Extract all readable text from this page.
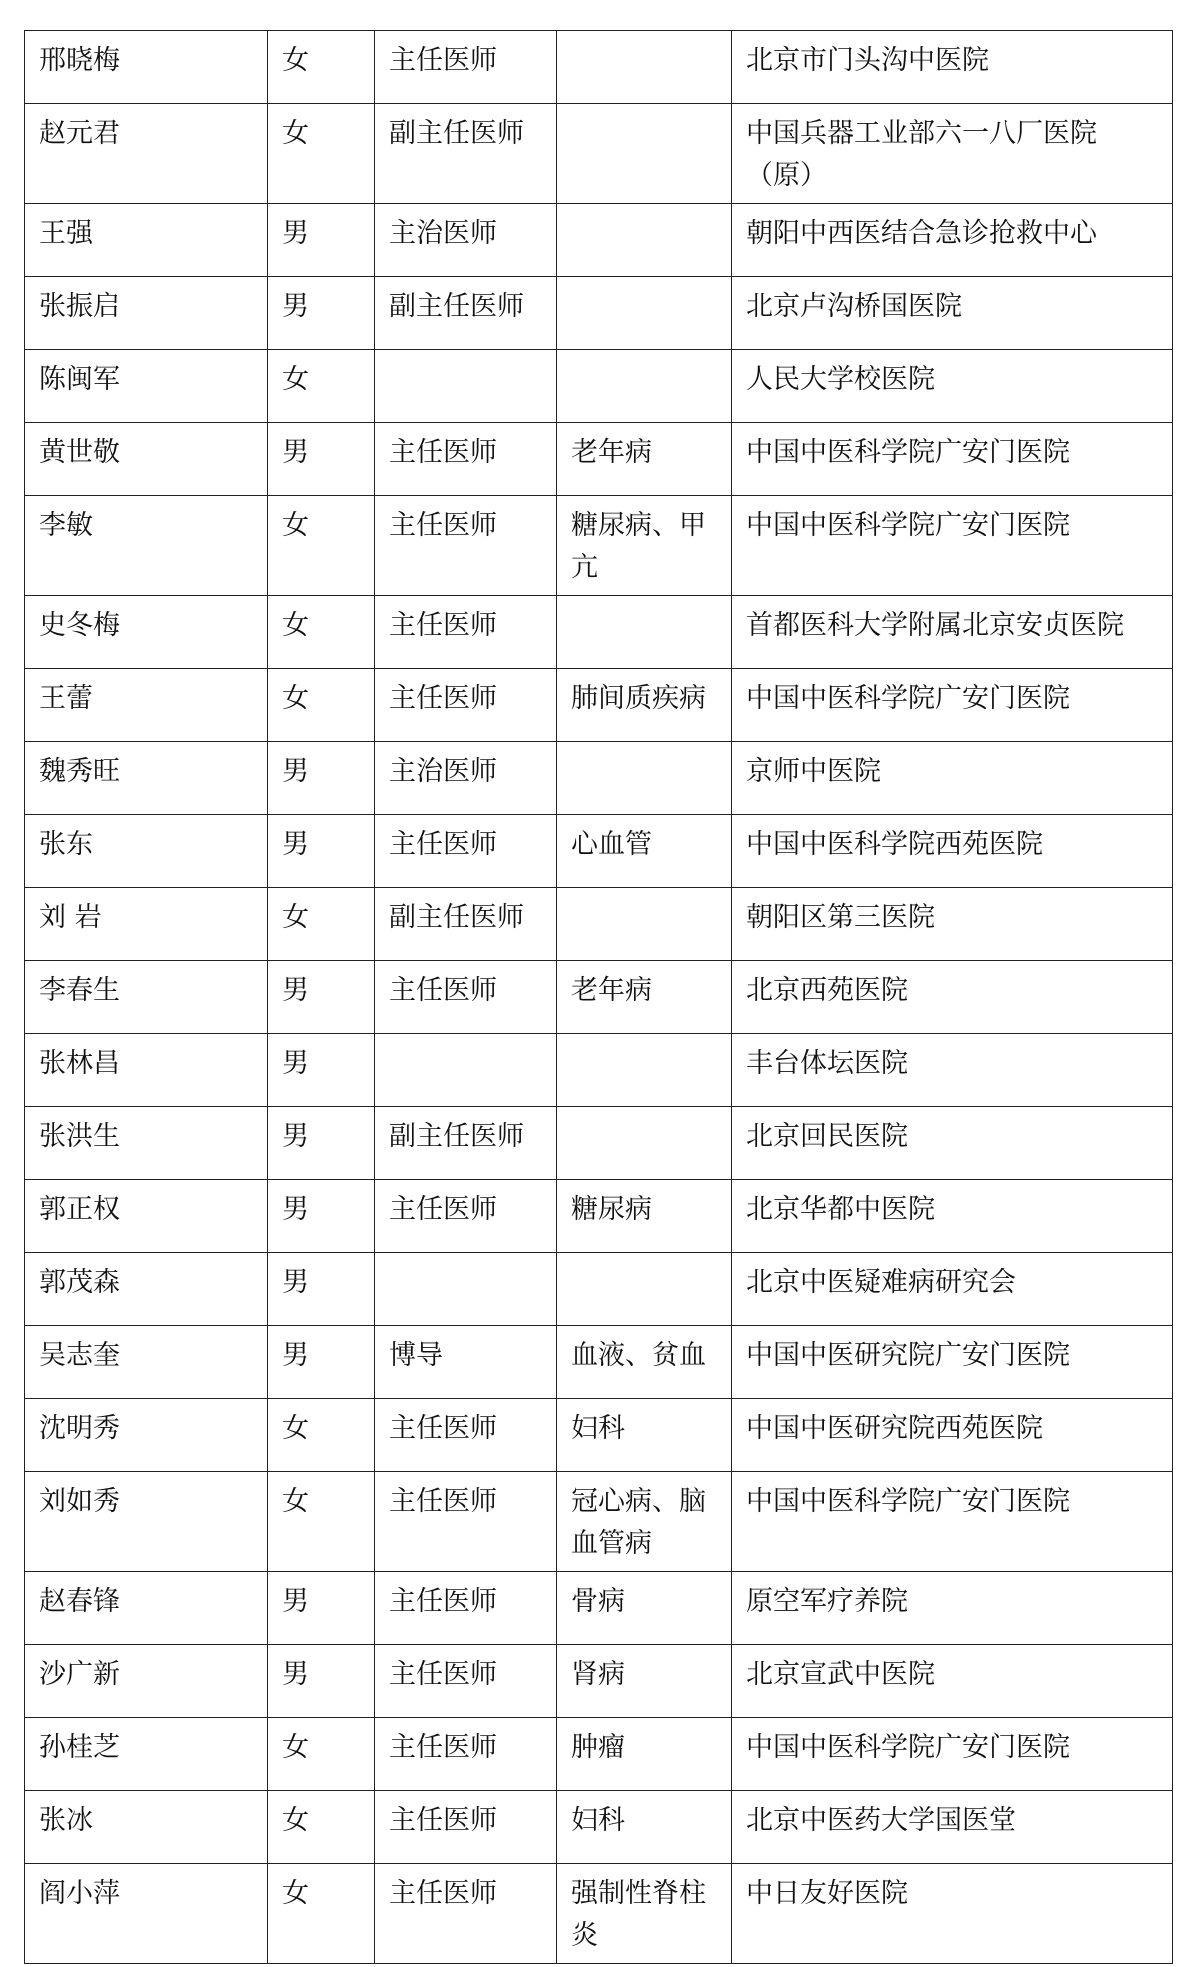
邢晓梅	女	主任医师		北京市门头沟中医院
赵元君	女	副主任医师		中国兵器工业部六一八厂医院（原）
王强	男	主治医师		朝阳中西医结合急诊抢救中心
张振启	男	副主任医师		北京卢沟桥国医院
陈闽军	女			人民大学校医院
黄世敬	男	主任医师	老年病	中国中医科学院广安门医院
李敏	女	主任医师	糖尿病、甲亢	中国中医科学院广安门医院
史冬梅	女	主任医师		首都医科大学附属北京安贞医院
王蕾	女	主任医师	肺间质疾病	中国中医科学院广安门医院
魏秀旺	男	主治医师		京师中医院
张东	男	主任医师	心血管	中国中医科学院西苑医院
刘 岩	女	副主任医师		朝阳区第三医院
李春生	男	主任医师	老年病	北京西苑医院
张林昌	男			丰台体坛医院
张洪生	男	副主任医师		北京回民医院
郭正权	男	主任医师	糖尿病	北京华都中医院
郭茂森	男			北京中医疑难病研究会
吴志奎	男	博导	血液、贫血	中国中医研究院广安门医院
沈明秀	女	主任医师	妇科	中国中医研究院西苑医院
刘如秀	女	主任医师	冠心病、脑血管病	中国中医科学院广安门医院
赵春锋	男	主任医师	骨病	原空军疗养院
沙广新	男	主任医师	肾病	北京宣武中医院
孙桂芝	女	主任医师	肿瘤	中国中医科学院广安门医院
张冰	女	主任医师	妇科	北京中医药大学国医堂
阎小萍	女	主任医师	强制性脊柱炎	中日友好医院
